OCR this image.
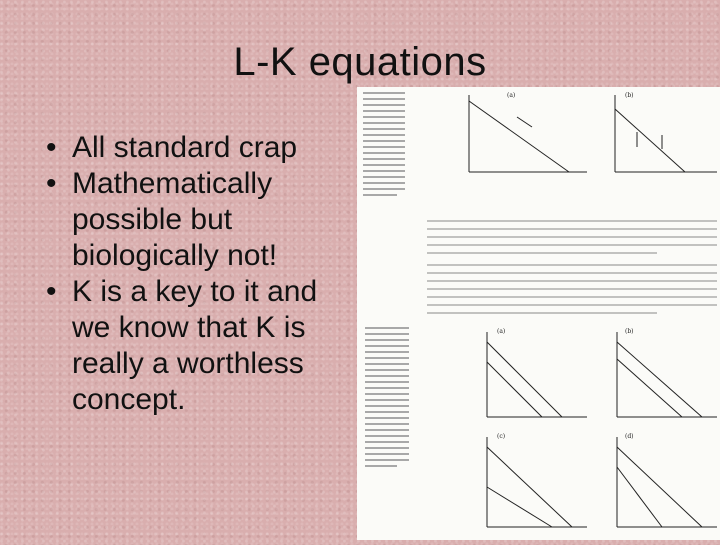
L-K equations
• All standard crap
• Mathematically possible but biologically not!
• K is a key to it and we know that K is really a worthless concept.
(a)	(b)
(a)	(b)
(c)	(d)
